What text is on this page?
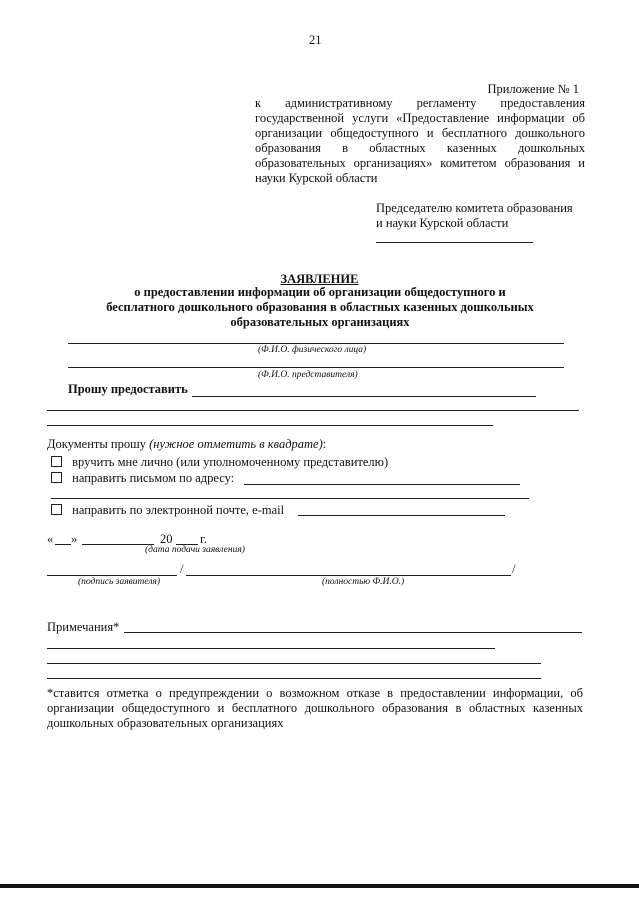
21
Приложение № 1
к административному регламенту предоставления
государственной услуги «Предоставление информации об
организации общедоступного и бесплатного дошкольного
образования в областных казенных дошкольных
образовательных организациях» комитетом образования и
науки Курской области
Председателю комитета образования
и науки Курской области
ЗАЯВЛЕНИЕ
о предоставлении информации об организации общедоступного и
бесплатного дошкольного образования в областных казенных дошкольных
образовательных организациях
(Ф.И.О. физического лица)
(Ф.И.О. представителя)
Прошу предоставить
Документы прошу (нужное отметить в квадрате):
вручить мне лично (или уполномоченному представителю)
направить письмом по адресу:
направить по электронной почте, e-mail
« »	20 г.
(дата подачи заявления)
/	/
(подпись заявителя)	(полностью Ф.И.О.)
Примечания*
*ставится отметка о предупреждении о возможном отказе в предоставлении информации, об
организации общедоступного и бесплатного дошкольного образования в областных казенных
дошкольных образовательных организациях
